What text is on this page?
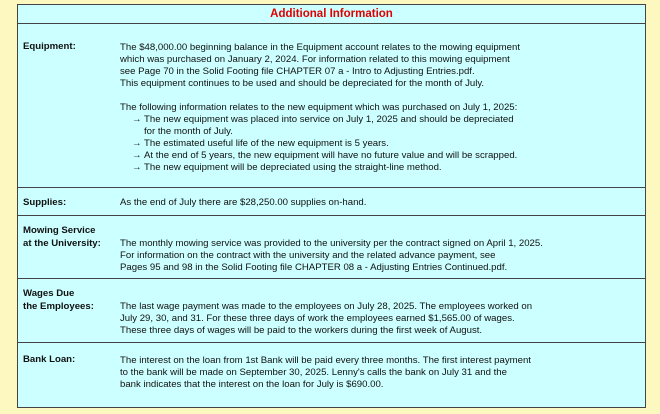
Additional Information
Equipment:	The $48,000.00 beginning balance in the Equipment account relates to the mowing equipment

which was purchased on January 2, 2024. For information related to this mowing equipment

see Page 70 in the Solid Footing file CHAPTER 07 a - Intro to Adjusting Entries.pdf.

This equipment continues to be used and should be depreciated for the month of July.

The following information relates to the new equipment which was purchased on July 1, 2025:

→ The new equipment was placed into service on July 1, 2025 and should be depreciated
for the month of July.
→ The estimated useful life of the new equipment is 5 years.
→ At the end of 5 years, the new equipment will have no future value and will be scrapped.
→ The new equipment will be depreciated using the straight-line method.
Supplies:	As the end of July there are $28,250.00 supplies on-hand.

Mowing Service
at the University: The monthly mowing service was provided to the university per the contract signed on April 1, 2025.

For information on the contract with the university and the related advance payment, see

Pages 95 and 98 in the Solid Footing file CHAPTER 08 a - Adjusting Entries Continued.pdf.

Wages Due
the Employees:	The last wage payment was made to the employees on July 28, 2025. The employees worked on

July 29, 30, and 31. For these three days of work the employees earned $1,565.00 of wages.

These three days of wages will be paid to the workers during the first week of August.

Bank Loan:	The interest on the loan from 1st Bank will be paid every three months. The first interest payment

to the bank will be made on September 30, 2025. Lenny's calls the bank on July 31 and the

bank indicates that the interest on the loan for July is $690.00.
